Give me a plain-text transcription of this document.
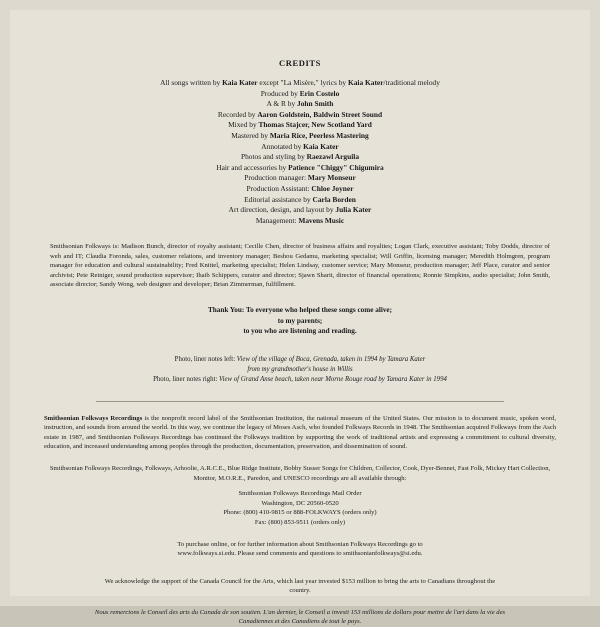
CREDITS
All songs written by Kaia Kater except "La Misère," lyrics by Kaia Kater/traditional melody
Produced by Erin Costelo
A & R by John Smith
Recorded by Aaron Goldstein, Baldwin Street Sound
Mixed by Thomas Stajcer, New Scotland Yard
Mastered by Maria Rice, Peerless Mastering
Annotated by Kaia Kater
Photos and styling by Raezawl Arguila
Hair and accessories by Patience "Chiggy" Chigumira
Production manager: Mary Monseur
Production Assistant: Chloe Joyner
Editorial assistance by Carla Borden
Art direction, design, and layout by Julia Kater
Management: Mavens Music
Smithsonian Folkways is: Madison Bunch, director of royalty assistant; Cecille Chen, director of business affairs and royalties; Logan Clark, executive assistant; Toby Dodds, director of web and IT; Claudia Foronda, sales, customer relations, and inventory manager; Beshou Gedamu, marketing specialist; Will Griffin, licensing manager; Meredith Holmgren, program manager for education and cultural sustainability; Fred Knittel, marketing specialist; Helen Lindsay, customer service; Mary Monseur, production manager; Jeff Place, curator and senior archivist; Pete Reiniger, sound production supervisor; Ihaib Schippers, curator and director; Sjawn Sharit, director of financial operations; Ronnie Simpkins, audio specialist; John Smith, associate director; Sandy Wong, web designer and developer; Brian Zimmerman, fulfillment.
Thank You: To everyone who helped these songs come alive;
to my parents;
to you who are listening and reading.
Photo, liner notes left: View of the village of Boca, Grenada, taken in 1994 by Tamara Kater
from my grandmother's house in Willis
Photo, liner notes right: View of Grand Anse beach, taken near Morne Rouge road by Tamara Kater in 1994
Smithsonian Folkways Recordings is the nonprofit record label of the Smithsonian Institution, the national museum of the United States. Our mission is to document music, spoken word, instruction, and sounds from around the world. In this way, we continue the legacy of Moses Asch, who founded Folkways Records in 1948. The Smithsonian acquired Folkways from the Asch estate in 1987, and Smithsonian Folkways Recordings has continued the Folkways tradition by supporting the work of traditional artists and expressing a commitment to cultural diversity, education, and increased understanding among peoples through the production, documentation, preservation, and dissemination of sound.
Smithsonian Folkways Recordings, Folkways, Arhoolie, A.R.C.E., Blue Ridge Institute, Bobby Susser Songs for Children, Collector, Cook, Dyer-Bennet, Fast Folk, Mickey Hart Collection, Monitor, M.O.R.E., Paredon, and UNESCO recordings are all available through:
Smithsonian Folkways Recordings Mail Order
Washington, DC 20560-0520
Phone: (800) 410-9815 or 888-FOLKWAYS (orders only)
Fax: (800) 853-9511 (orders only)
To purchase online, or for further information about Smithsonian Folkways Recordings go to
www.folkways.si.edu. Please send comments and questions to smithsonianfolkways@si.edu.
We acknowledge the support of the Canada Council for the Arts, which last year invested $153 million to bring the arts to Canadians throughout the
country.
Nous remercions le Conseil des arts du Canada de son soutien. L'an dernier, le Conseil a investi 153 millions de dollars pour mettre de l'art dans la vie des
Canadiennes et des Canadiens de tout le pays.
